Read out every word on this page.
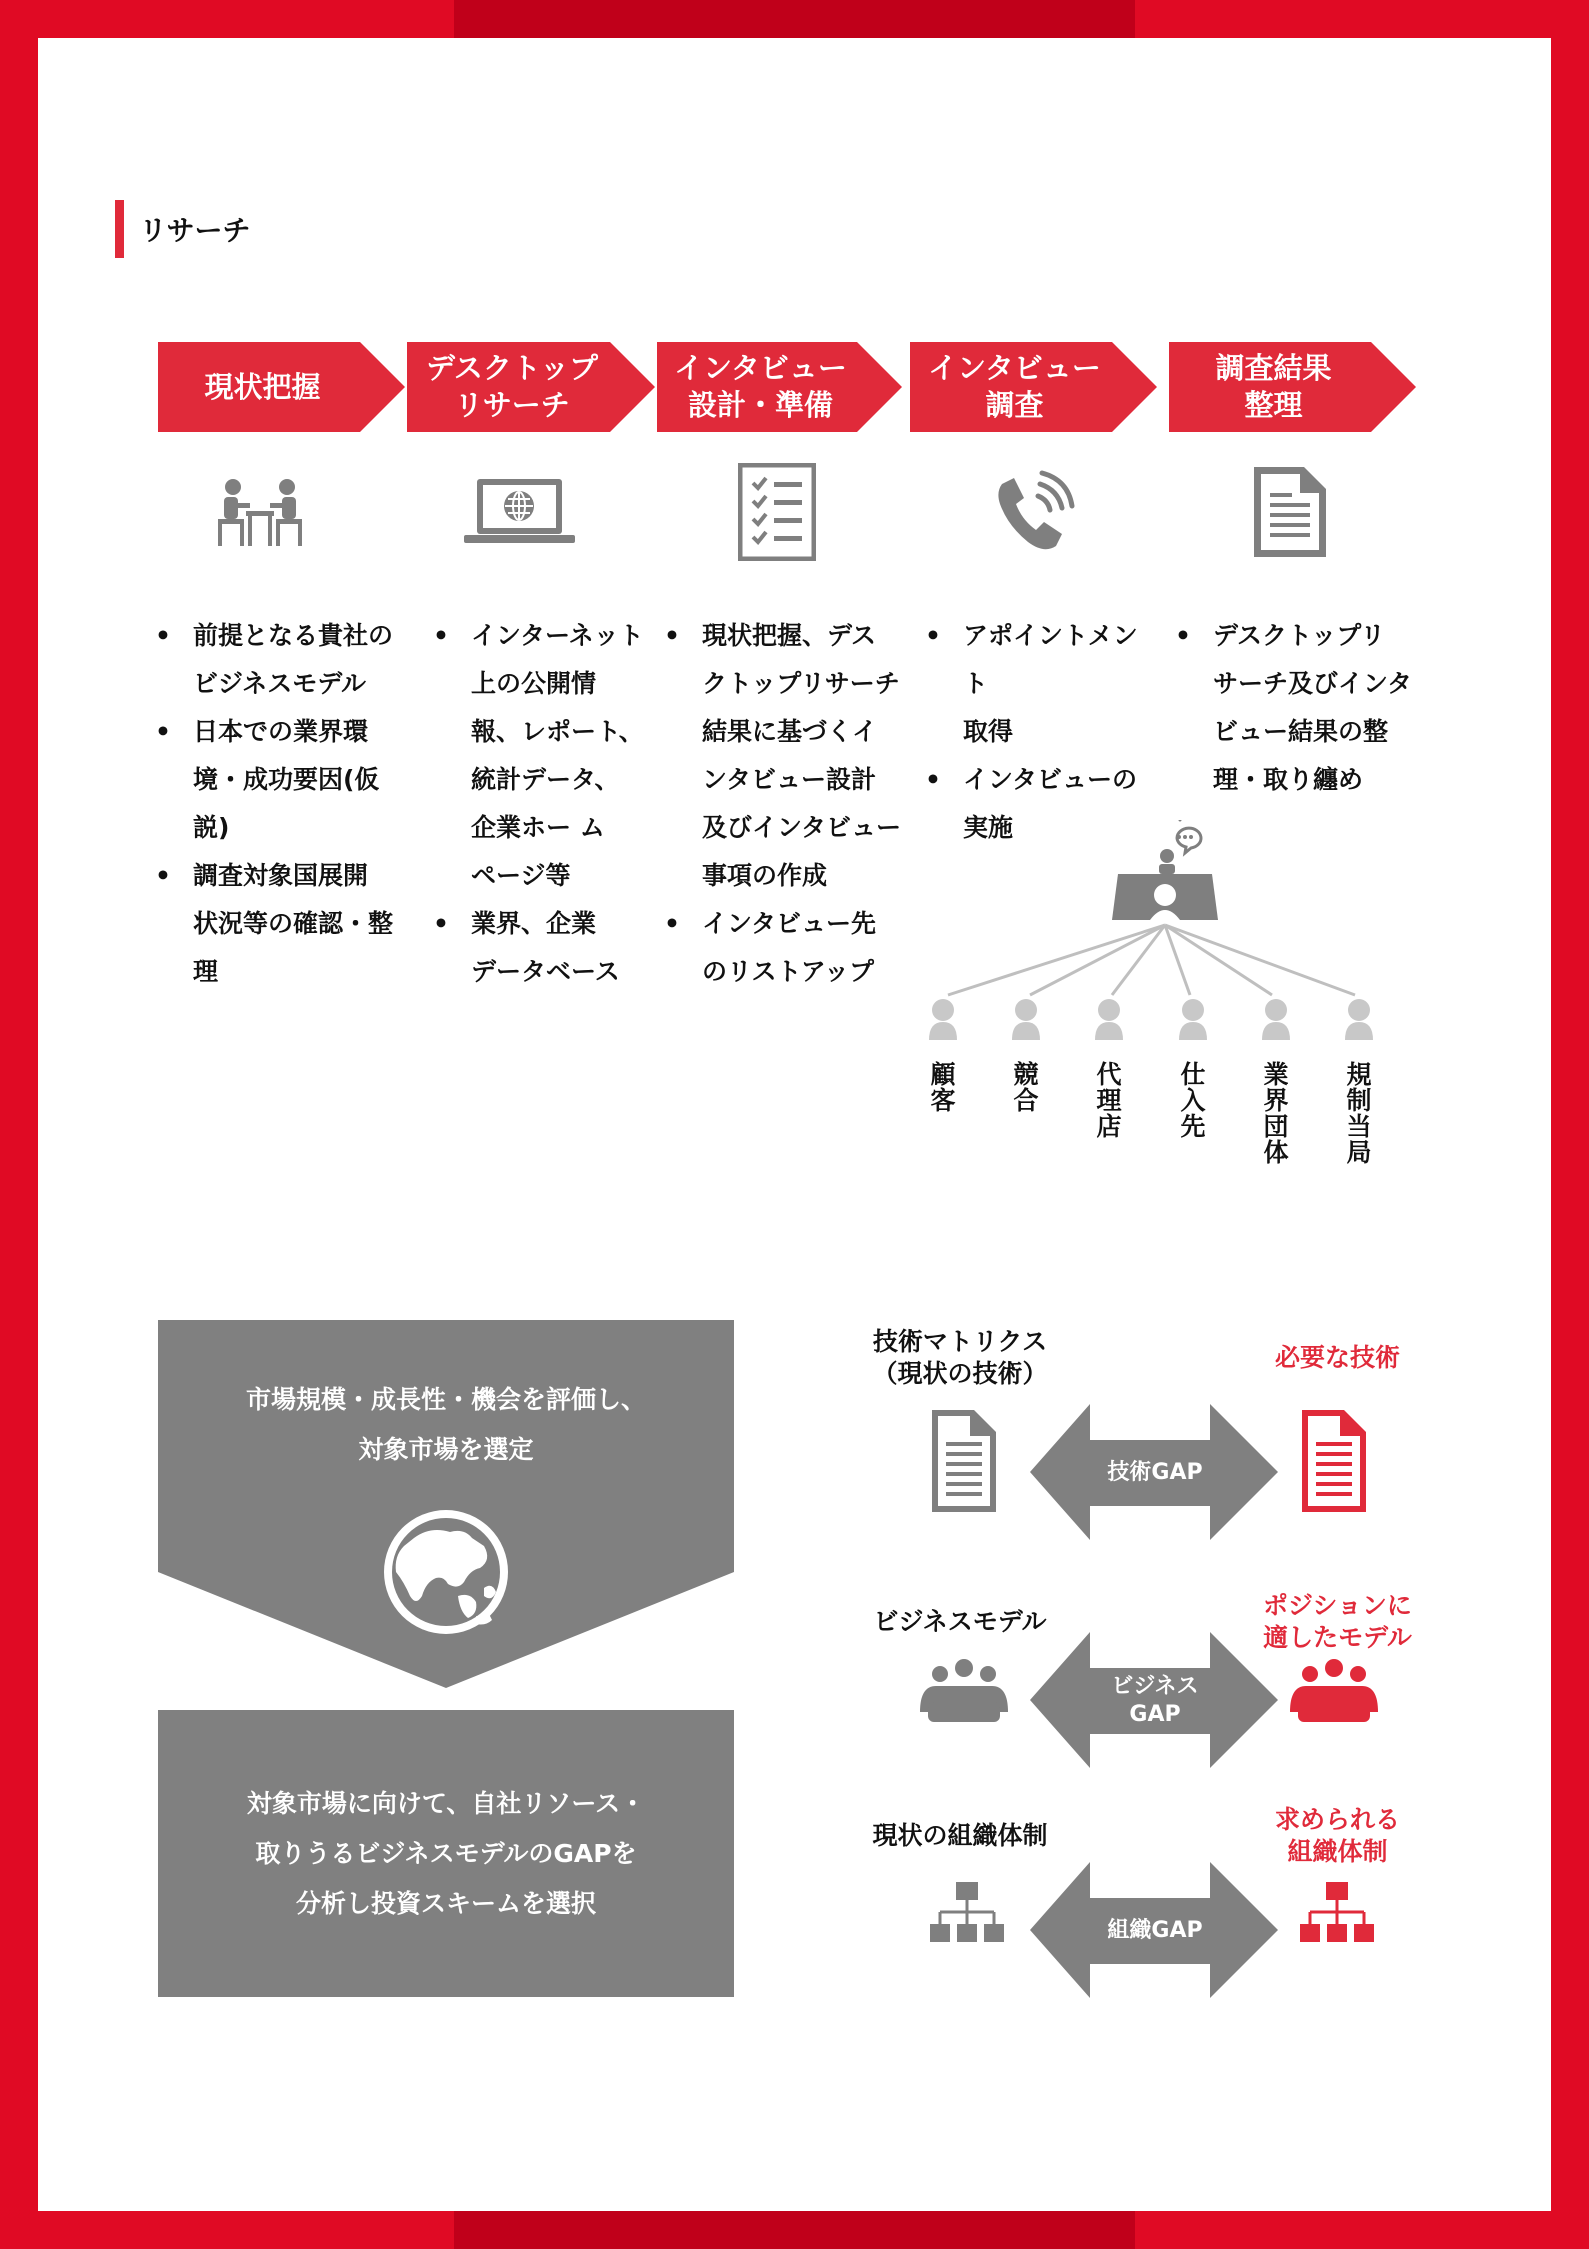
リサーチ
現状把握
デスクトップ
リサーチ
インタビュー
設計・準備
インタビュー
調査
調査結果
整理
• 前提となる貴社の
ビジネスモデル
• 日本での業界環
境・成功要因(仮
説)
• 調査対象国展開
状況等の確認・整
理
• インターネット
上の公開情
報、レポート、
統計データ、
企業ホー ム
ページ等
• 業界、企業
データベース
• 現状把握、デス
クトップリサーチ
結果に基づくイ
ンタビュー設計
及びインタビュー
事項の作成
• インタビュー先
のリストアップ
• アポイントメント
取得
• インタビューの
実施
• デスクトップリ
サーチ及びインタ
ビュー結果の整
理・取り纏め
顧客
競合
代理店
仕入先
業界団体
規制当局
市場規模・成長性・機会を評価し、
対象市場を選定
対象市場に向けて、自社リソース・
取りうるビジネスモデルのGAPを
分析し投資スキームを選択
技術マトリクス
（現状の技術）
必要な技術
ビジネスモデル
ポジションに
適したモデル
現状の組織体制
求められる
組織体制
技術GAP
ビジネス
GAP
組織GAP
